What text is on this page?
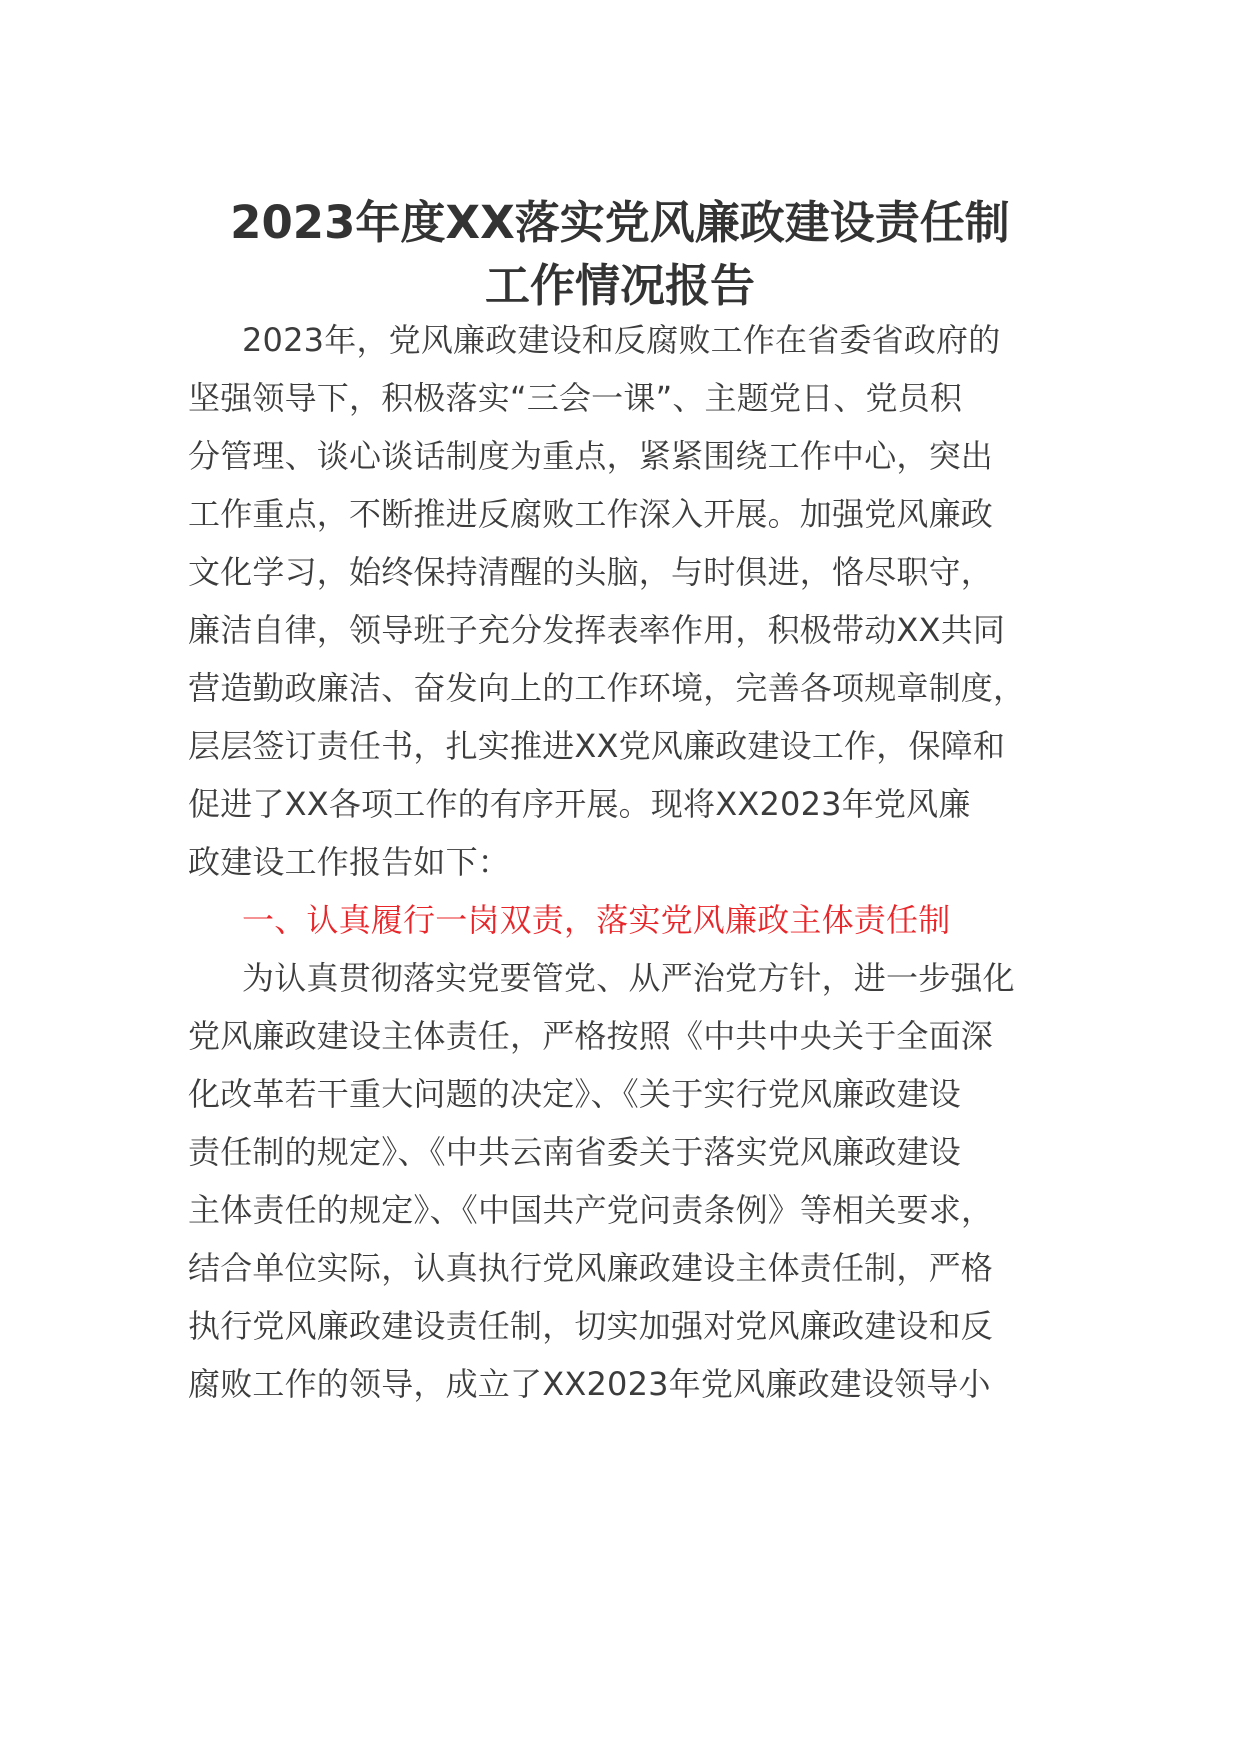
2023年度XX落实党风廉政建设责任制
工作情况报告
2023年，党风廉政建设和反腐败工作在省委省政府的
坚强领导下，积极落实“三会一课”、主题党日、党员积
分管理、谈心谈话制度为重点，紧紧围绕工作中心，突出
工作重点，不断推进反腐败工作深入开展。加强党风廉政
文化学习，始终保持清醒的头脑，与时俱进，恪尽职守，
廉洁自律，领导班子充分发挥表率作用，积极带动XX共同
营造勤政廉洁、奋发向上的工作环境，完善各项规章制度，
层层签订责任书，扎实推进XX党风廉政建设工作，保障和
促进了XX各项工作的有序开展。现将XX2023年党风廉
政建设工作报告如下：
一、认真履行一岗双责，落实党风廉政主体责任制
为认真贯彻落实党要管党、从严治党方针，进一步强化
党风廉政建设主体责任，严格按照《中共中央关于全面深
化改革若干重大问题的决定》、《关于实行党风廉政建设
责任制的规定》、《中共云南省委关于落实党风廉政建设
主体责任的规定》、《中国共产党问责条例》等相关要求，
结合单位实际，认真执行党风廉政建设主体责任制，严格
执行党风廉政建设责任制，切实加强对党风廉政建设和反
腐败工作的领导，成立了XX2023年党风廉政建设领导小
